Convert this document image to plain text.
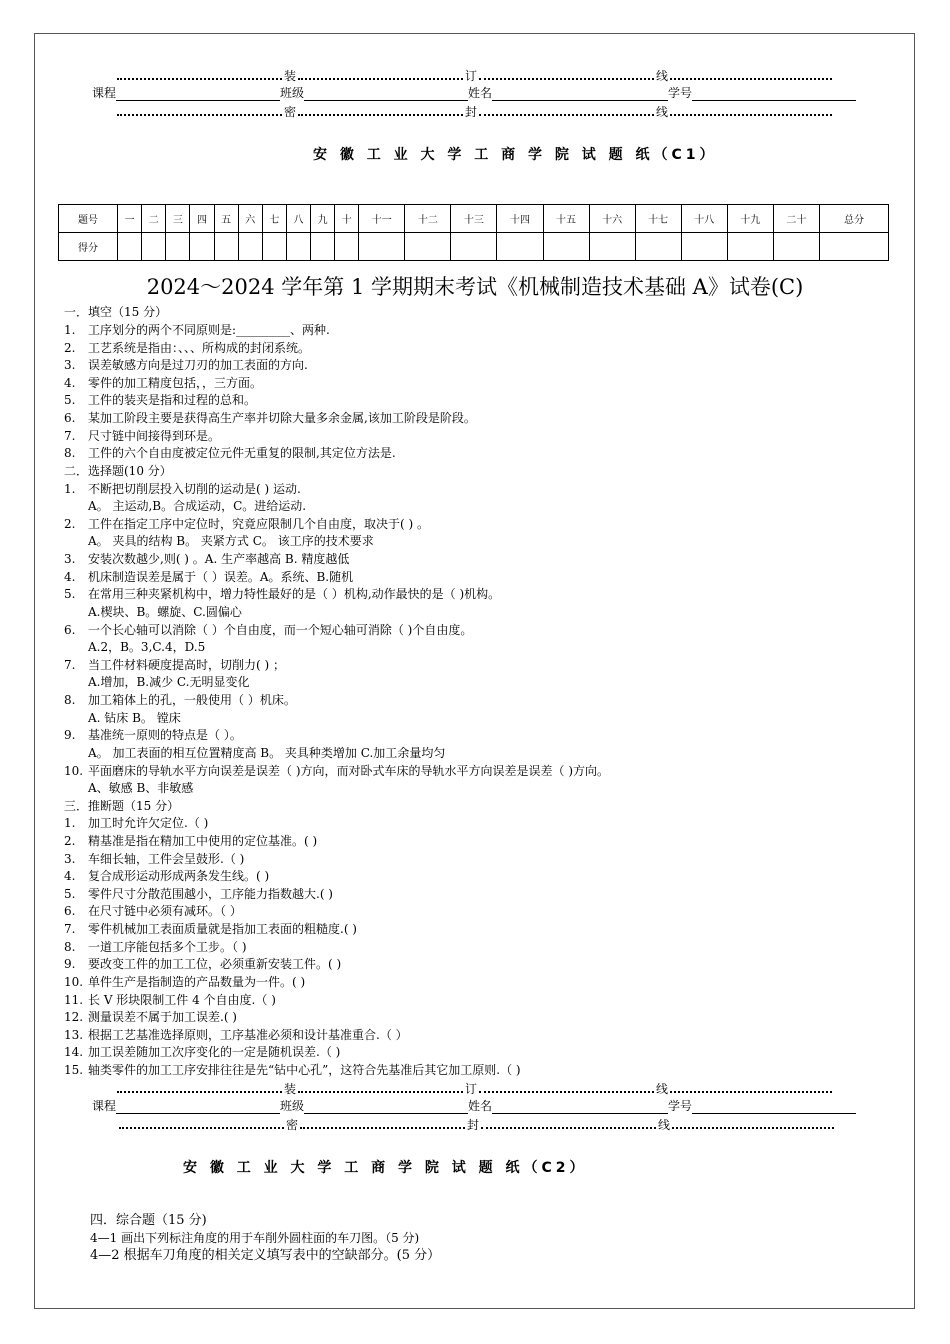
装	订	线
课程	班级	姓名	学号
密	封	线
安 徽 工 业 大 学 工 商 学 院 试 题 纸（C1）
题号	一	二	三	四	五	六	七	八	九	十	十一	十二	十三	十四	十五	十六	十七	十八	十九	二十	总分
得分																					
2024～2024 学年第 1 学期期末考试《机械制造技术基础 A》试卷(C)
一．填空（15 分）
1. 工序划分的两个不同原则是:_________、两种.
2. 工艺系统是指由：、、、所构成的封闭系统。
3. 误差敏感方向是过刀刃的加工表面的方向.
4. 零件的加工精度包括，，三方面。
5. 工件的装夹是指和过程的总和。
6. 某加工阶段主要是获得高生产率并切除大量多余金属,该加工阶段是阶段。
7. 尺寸链中间接得到环是。
8. 工件的六个自由度被定位元件无重复的限制,其定位方法是.
二．选择题(10 分）
1. 不断把切削层投入切削的运动是( ) 运动.
A。 主运动,B。合成运动，C。进给运动.
2. 工件在指定工序中定位时，究竟应限制几个自由度，取决于( ) 。
A。 夹具的结构 B。 夹紧方式 C。 该工序的技术要求
3. 安装次数越少,则( ) 。A. 生产率越高 B. 精度越低
4. 机床制造误差是属于（ ）误差。A。系统、B.随机
5. 在常用三种夹紧机构中，增力特性最好的是（ ）机构,动作最快的是（ )机构。
A.楔块、B。螺旋、C.圆偏心
6. 一个长心轴可以消除（ ）个自由度，而一个短心轴可消除（ )个自由度。
A.2，B。3,C.4，D.5
7. 当工件材料硬度提高时，切削力( ) ；
A.增加，B.减少 C.无明显变化
8. 加工箱体上的孔，一般使用（ ）机床。
A. 钻床 B。 镗床
9. 基准统一原则的特点是（ ）。
A。 加工表面的相互位置精度高 B。 夹具种类增加 C.加工余量均匀
10. 平面磨床的导轨水平方向误差是误差（ )方向，而对卧式车床的导轨水平方向误差是误差（ )方向。
A、敏感 B、非敏感
三．推断题（15 分）
1. 加工时允许欠定位.（ )
2. 精基准是指在精加工中使用的定位基准。( )
3. 车细长轴，工件会呈鼓形.（ )
4. 复合成形运动形成两条发生线。( )
5. 零件尺寸分散范围越小，工序能力指数越大.( )
6. 在尺寸链中必须有减环。（ ）
7. 零件机械加工表面质量就是指加工表面的粗糙度.( )
8. 一道工序能包括多个工步。（ )
9. 要改变工件的加工工位，必须重新安装工件。( )
10. 单件生产是指制造的产品数量为一件。( )
11. 长 V 形块限制工件 4 个自由度.（ )
12. 测量误差不属于加工误差.( )
13. 根据工艺基准选择原则，工序基准必须和设计基准重合.（ ）
14. 加工误差随加工次序变化的一定是随机误差.（ )
15. 轴类零件的加工工序安排往往是先“钻中心孔”，这符合先基准后其它加工原则.（ )
装	订	线
课程	班级	姓名	学号
密	封	线
安 徽 工 业 大 学 工 商 学 院 试 题 纸（C2）
四．综合题（15 分)
4—1 画出下列标注角度的用于车削外圆柱面的车刀图。（5 分)
4—2 根据车刀角度的相关定义填写表中的空缺部分。(5 分）
